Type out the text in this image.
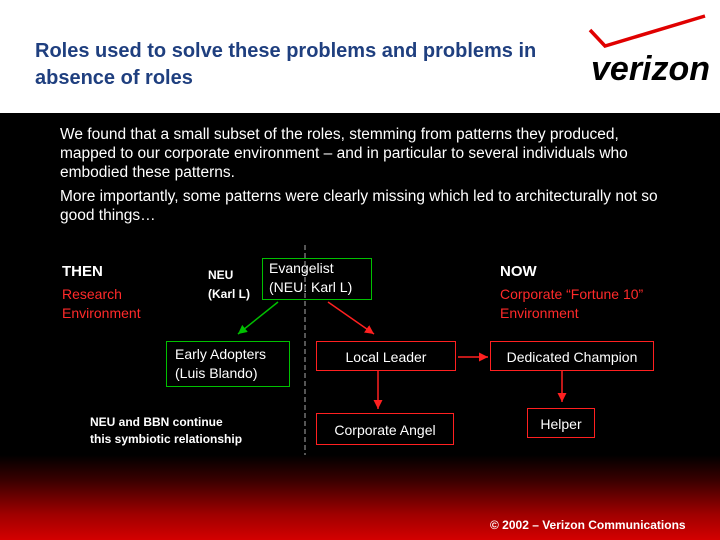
Roles used to solve these problems and problems in absence of roles	verizon

We found that a small subset of the roles, stemming from patterns they produced, mapped to our corporate environment – and in particular to several individuals who embodied these patterns.

More importantly, some patterns were clearly missing which led to architecturally not so good things…

THEN
Research Environment
NOW
Corporate “Fortune 10” Environment
NEU
(Karl L)
Evangelist
(NEU: Karl L)
Early Adopters
(Luis Blando)
Local Leader	Dedicated Champion
Corporate Angel	Helper
NEU and BBN continue
this symbiotic relationship
© 2002 – Verizon Communications
